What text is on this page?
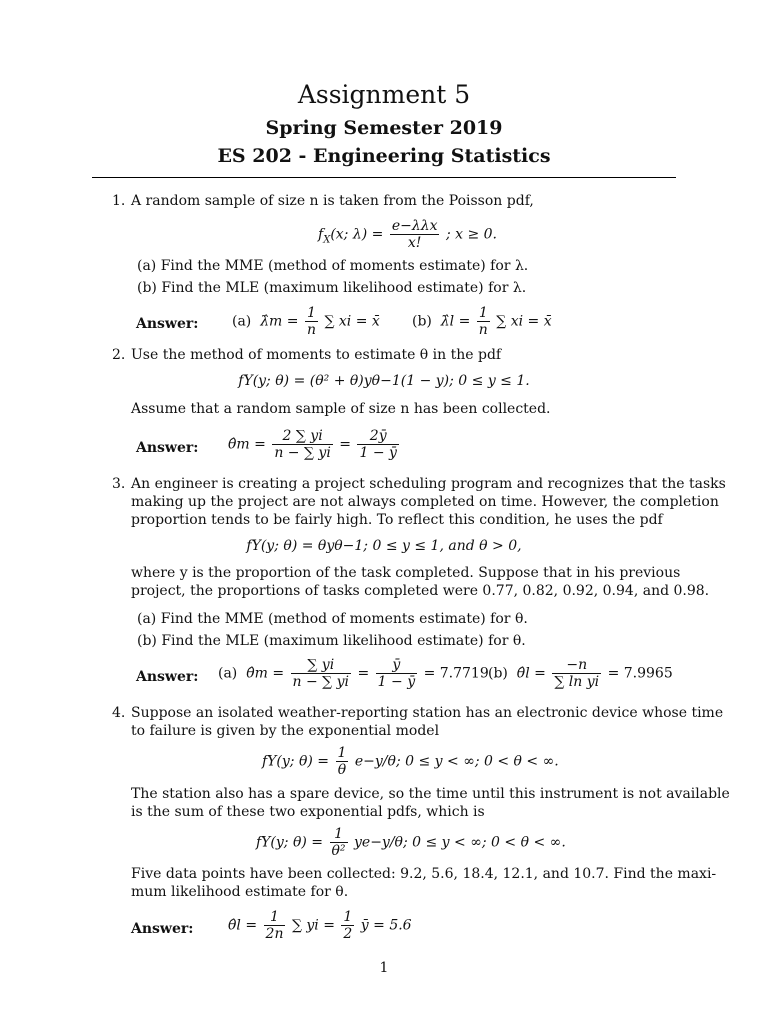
Assignment 5
Spring Semester 2019
ES 202 - Engineering Statistics
1. A random sample of size n is taken from the Poisson pdf,
$f_X(x$; $\lambda) = \frac{\text{e−λλx}}{x!}$ ; x ≥ 0.
(a) Find the MME (method of moments estimate) for λ.
(b) Find the MLE (maximum likelihood estimate) for λ.
Answer: (a) λ̂m = $\frac{1}{n}$ ∑ xi = x̄ (b) λ̂l = $\frac{1}{n}$ ∑ xi = x̄
2. Use the method of moments to estimate θ in the pdf
fY(y; θ) = (θ² + θ)yθ−1(1 − y); 0 ≤ y ≤ 1.
Assume that a random sample of size n has been collected.
Answer: θ̂m = $\frac{2 \sum yi}{n - \sum yi} = \frac{2ȳ}{1 - ȳ}$
3. An engineer is creating a project scheduling program and recognizes that the tasks
making up the project are not always completed on time. However, the completion
proportion tends to be fairly high. To reflect this condition, he uses the pdf
fY(y; θ) = θyθ−1; 0 ≤ y ≤ 1, and θ > 0,
where y is the proportion of the task completed. Suppose that in his previous
project, the proportions of tasks completed were 0.77, 0.82, 0.92, 0.94, and 0.98.
(a) Find the MME (method of moments estimate) for θ.
(b) Find the MLE (maximum likelihood estimate) for θ.
Answer: (a) θ̂m = $\frac{\sum yi}{n - \sum yi} = \frac{ȳ}{1 - ȳ} = 7.7719$ (b) θ̂l = $\frac{-n}{\text{∑ ln yi}} = 7.9965$
4. Suppose an isolated weather-reporting station has an electronic device whose time
to failure is given by the exponential model
fY(y; $\theta) = \frac{1}{\theta} e-y/\theta$; 0 ≤ y < ∞; 0 < θ < ∞.
The station also has a spare device, so the time until this instrument is not available
is the sum of these two exponential pdfs, which is
fY(y; $\theta) = \frac{1}{\text{θ²}} ye-y/\theta$; 0 ≤ y < ∞; 0 < θ < ∞.
Five data points have been collected: 9.2, 5.6, 18.4, 12.1, and 10.7. Find the maxi-
mum likelihood estimate for θ.
Answer: θ̂l = $\frac{1}{2n}$ ∑ yi = $\frac{1}{2}$ ȳ = 5.6
1
